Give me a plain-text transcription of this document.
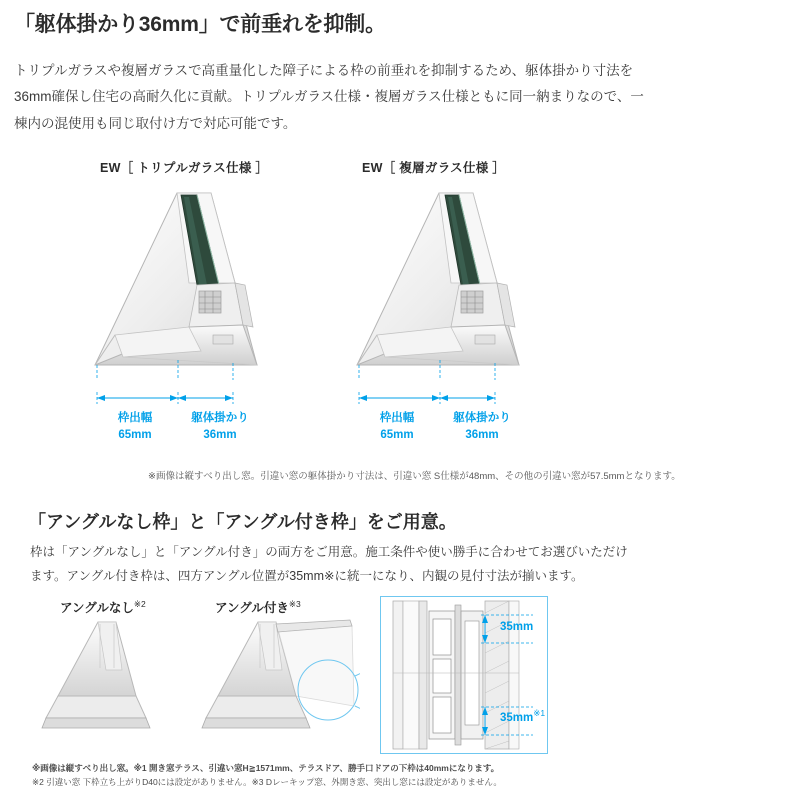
「躯体掛かり36mm」で前垂れを抑制。
トリプルガラスや複層ガラスで高重量化した障子による枠の前垂れを抑制するため、躯体掛かり寸法を36mm確保し住宅の高耐久化に貢献。トリプルガラス仕様・複層ガラス仕様ともに同一納まりなので、一棟内の混使用も同じ取付け方で対応可能です。
EW［ トリプルガラス仕様 ］	EW［ 複層ガラス仕様 ］
枠出幅
65mm
躯体掛かり
36mm
枠出幅
65mm
躯体掛かり
36mm
※画像は縦すべり出し窓。引違い窓の躯体掛かり寸法は、引違い窓 S仕様が48mm、その他の引違い窓が57.5mmとなります。
「アングルなし枠」と「アングル付き枠」をご用意。
枠は「アングルなし」と「アングル付き」の両方をご用意。施工条件や使い勝手に合わせてお選びいただけます。アングル付き枠は、四方アングル位置が35mm※に統一になり、内観の見付寸法が揃います。
アングルなし$^{※2}$	アングル付き$^{※3}$
35mm
$35mm^{※1}$
※画像は縦すべり出し窓。※1 開き窓テラス、引違い窓H≧1571mm、テラスドア、勝手口ドアの下枠は40mmになります。
※2 引違い窓 下枠立ち上がりD40には設定がありません。※3 Dレーキップ窓、外開き窓、突出し窓には設定がありません。
